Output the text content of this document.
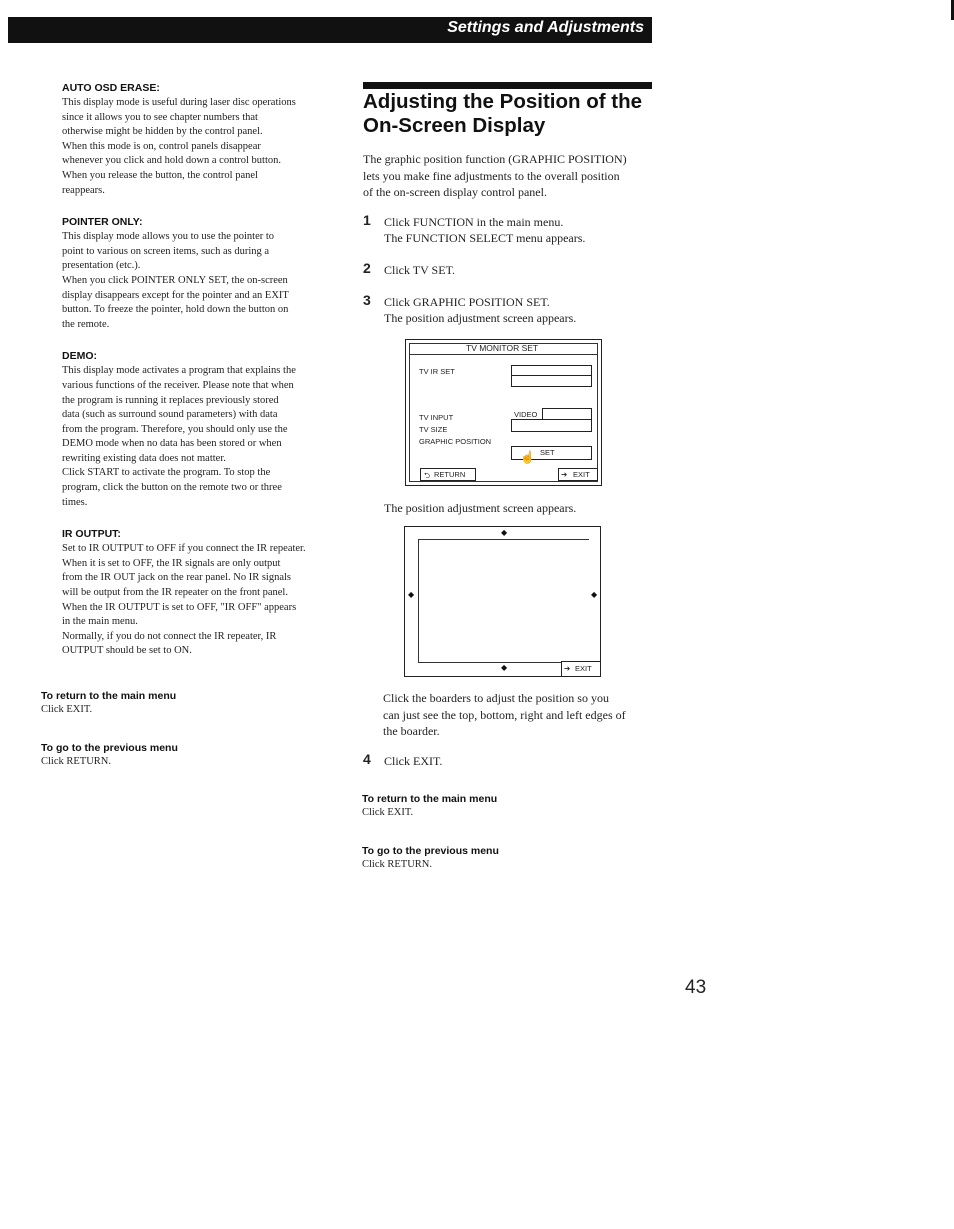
Settings and Adjustments
AUTO OSD ERASE:

This display mode is useful during laser disc operations
since it allows you to see chapter numbers that
otherwise might be hidden by the control panel.
When this mode is on, control panels disappear
whenever you click and hold down a control button.
When you release the button, the control panel
reappears.

POINTER ONLY:

This display mode allows you to use the pointer to
point to various on screen items, such as during a
presentation (etc.).
When you click POINTER ONLY SET, the on-screen
display disappears except for the pointer and an EXIT
button. To freeze the pointer, hold down the button on
the remote.

DEMO:

This display mode activates a program that explains the
various functions of the receiver. Please note that when
the program is running it replaces previously stored
data (such as surround sound parameters) with data
from the program. Therefore, you should only use the
DEMO mode when no data has been stored or when
rewriting existing data does not matter.
Click START to activate the program. To stop the
program, click the button on the remote two or three
times.

IR OUTPUT:

Set to IR OUTPUT to OFF if you connect the IR repeater.
When it is set to OFF, the IR signals are only output
from the IR OUT jack on the rear panel. No IR signals
will be output from the IR repeater on the front panel.
When the IR OUTPUT is set to OFF, "IR OFF" appears
in the main menu.
Normally, if you do not connect the IR repeater, IR
OUTPUT should be set to ON.

To return to the main menu
Click EXIT.
To go to the previous menu
Click RETURN.
Adjusting the Position of the
On-Screen Display

The graphic position function (GRAPHIC POSITION)
lets you make fine adjustments to the overall position
of the on-screen display control panel.

1 Click FUNCTION in the main menu.
The FUNCTION SELECT menu appears.
2 Click TV SET.
3 Click GRAPHIC POSITION SET.
The position adjustment screen appears.
TV MONITOR SET
TV IR SET
TV INPUT
TV SIZE
GRAPHIC POSITION
VIDEO
SET
☝
⮌ RETURN	➔ EXIT
The position adjustment screen appears.
◆
◆	◆
◆	➔ EXIT
Click the boarders to adjust the position so you
can just see the top, bottom, right and left edges of
the boarder.
4 Click EXIT.
To return to the main menu
Click EXIT.
To go to the previous menu
Click RETURN.
43
